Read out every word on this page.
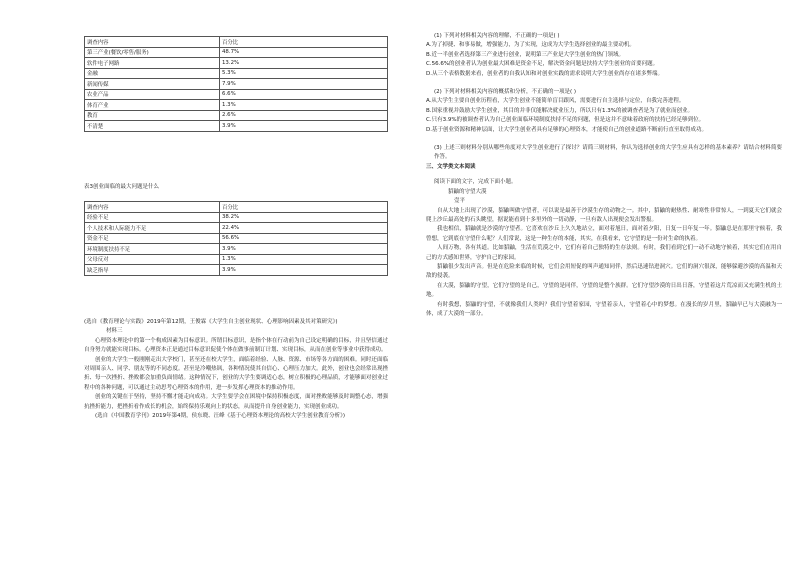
调查内容	百分比
第三产业(餐饮/零售/服务)	48.7%
软件电子网路	13.2%
金融	5.3%
新闻传媒	7.9%
农业产品	6.6%
体育产业	1.3%
教育	2.6%
不清楚	3.9%

表3创业面临的最大问题是什么

调查内容	百分比
经验不足	38.2%
个人技术和人际能力不足	22.4%
资金不足	56.6%
环境制度扶持不足	3.9%
父母反对	1.3%
缺乏指导	3.9%

(选自《教育理论与实践》2019年第12期，王俊霖《大学生自主创业现状、心理影响因素及其对策研究》)

材料三

心理资本理论中的第一个构成因素为目标意识。所谓目标意识，是指个体在行动前为自己设定明确的目标，并且坚信通过自身努力就能实现目标。心理资本正是通过目标意识促使个体在做事前制订计划、实现目标，从而在创业等事业中获得成功。

创业的大学生一般刚刚走出大学校门，甚至还在校大学生，面临着经验、人脉、资源、市场等各方面的困难。同时还面临对周围亲人、同学、朋友等的不同态度。甚至是冷嘲热讽，各种情况使其自信心、心理压力加大。此外，创业也会经常出现挫折、每一次挫折、挫败都会加重负面情绪。这种情况下，创业的大学生要调适心态，树立积极的心理品质，才能够面对创业过程中的各种问题，可以通过主动思考心理资本的作用，进一步发挥心理资本的推动作用。

创业的关键在于坚持，坚持不懈才能走向成功。大学生要学会在困境中保持积极态度，面对挫败能够及时调整心态，增强抗挫折能力，把挫折看作成长的机会，始终保持乐观向上的状态，从而提升自身创业能力，实现创业成功。

(选自《中国教育学刊》2019年第4期，侯东晓、汪峰《基于心理资本理论的高校大学生创业教育分析》)

(1) 下列对材料相关内容的理解，不正确的一项是( )

A.为了掉捷、和事易做，增强能力，为了实现，这成为大学生选择创业的最主要动机。

B.近一半创业者选择第三产业进行创业，说明第三产业是大学生创业的热门领域。

C.56.6%的创业者认为创业最大困难是资金不足，解决资金问题是扶持大学生创业的首要问题。

D.从三个表格数据来看，创业者的自我认知和对创业实践的需求说明大学生创业尚存在诸多弊端。

(2) 下列对材料相关内容的概括和分析，不正确的一项是( )

A.从大学生主要自创业历程看，大学生创业不能简单盲目跟风，需要进行自主选择与定位，自我完善进程。

B.国家重视并鼓励大学生创业，其目的并非仅能解决就业压力，所以只有1.3%的被调查者是为了就业而创业。

C.只有3.9%的被调查者认为自己创业面临环境制度扶持不足的问题，但是这并不意味着政府的扶持已经足够到位。

D.基于创业资源和精神层面，让大学生创业者具有足够的心理资本，才能使自己的创业道路不断前行直至取得成功。

(3) 上述三则材料分别从哪些角度对大学生创业进行了探讨？请简三则材料，你认为选择创业的大学生应具有怎样的基本素养？请结合材料简要作答。

三、文学类文本阅读

阅读下面的文字，完成下面小题。

貂鼬的守望大漠

壹平

自从大地上出现了沙漠，貂鼬叫做守望者，可以说是最善于沙漠生存的动物之一。其中，貂鼬的耐热性、耐寒性非常惊人，一到夏天它们就会爬上沙丘最高处的石头眺望，据说能看到十多里外的一切动静，一旦有敌人出现便会发出警报。

我也相信，貂鼬就是沙漠的守望者。它喜欢在沙丘上久久地站立，面对着旭日，面对着夕阳，日复一日年复一年。貂鼬总是在那里守候着，我曾想，它到底在守望什么呢？人们常说，这是一种生存的本能，其实，在我看来，它守望的是一份对生命的执着。

人间万物，各有其道。比如貂鼬，生活在荒漠之中，它们有着自己独特的生存法则。有时，我们看到它们一动不动地守候着，其实它们在用自己的方式感知世界，守护自己的家园。

貂鼬很少发出声音。但是在危险来临的时候，它们会用短促的叫声通知同伴，然后迅速钻进洞穴。它们的洞穴很深，能够躲避沙漠的高温和天敌的侵袭。

在大漠，貂鼬的守望，它们守望的是自己，守望的是同伴，守望的是整个族群。它们守望沙漠的日出日落，守望着这片荒凉而又充满生机的土地。

有时我想，貂鼬的守望，不就像我们人类吗？我们守望着家园，守望着亲人，守望着心中的梦想。在漫长的岁月里，貂鼬早已与大漠融为一体，成了大漠的一部分。
